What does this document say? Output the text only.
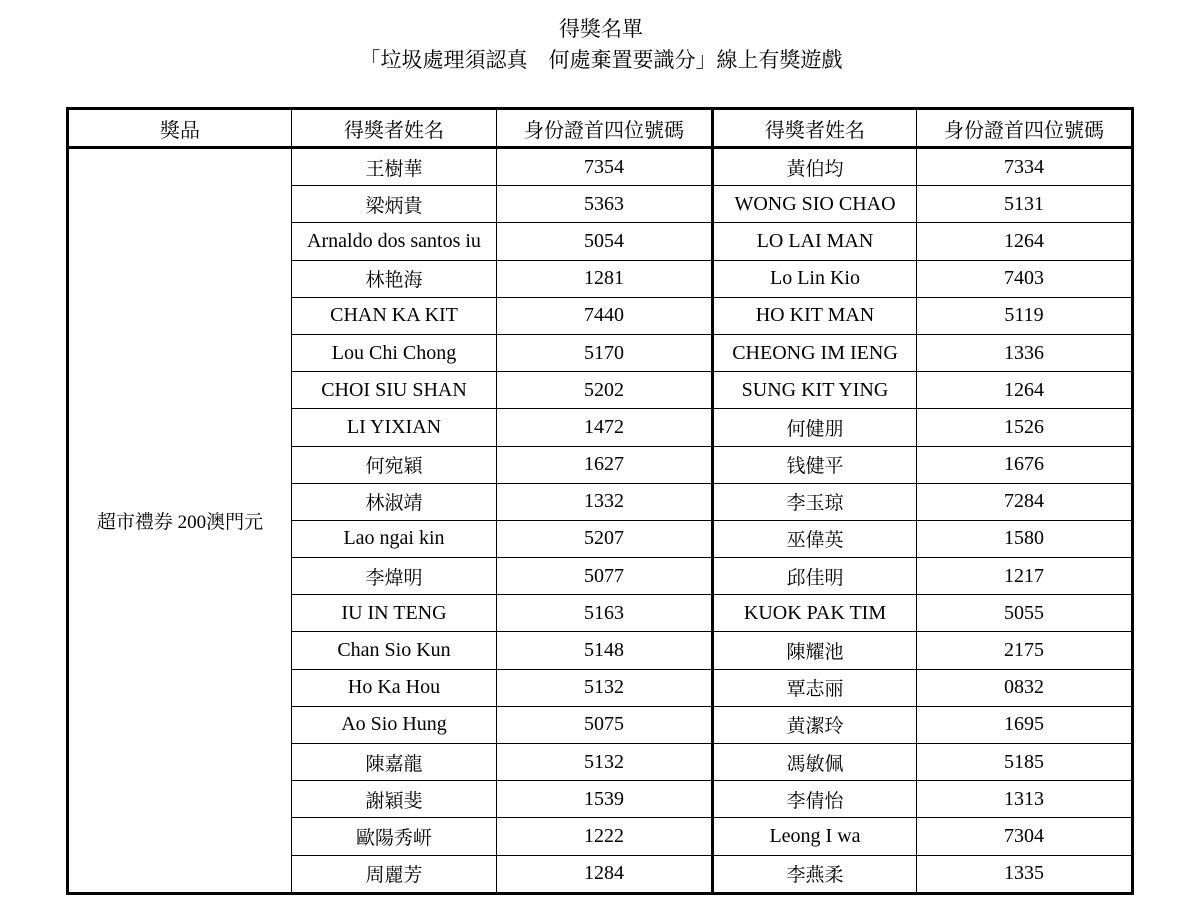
得獎名單
「垃圾處理須認真　何處棄置要識分」線上有獎遊戲
獎品	得獎者姓名	身份證首四位號碼	得獎者姓名	身份證首四位號碼
超市禮券 200澳門元	王樹華	7354	黃伯均	7334
	梁炳貴	5363	WONG SIO CHAO	5131
	Arnaldo dos santos iu	5054	LO LAI MAN	1264
	林艳海	1281	Lo Lin Kio	7403
	CHAN KA KIT	7440	HO KIT MAN	5119
	Lou Chi Chong	5170	CHEONG IM IENG	1336
	CHOI SIU SHAN	5202	SUNG KIT YING	1264
	LI YIXIAN	1472	何健朋	1526
	何宛穎	1627	钱健平	1676
	林淑靖	1332	李玉琼	7284
	Lao ngai kin	5207	巫偉英	1580
	李煒明	5077	邱佳明	1217
	IU IN TENG	5163	KUOK PAK TIM	5055
	Chan Sio Kun	5148	陳耀池	2175
	Ho Ka Hou	5132	覃志丽	0832
	Ao Sio Hung	5075	黄潔玲	1695
	陳嘉龍	5132	馮敏佩	5185
	謝穎斐	1539	李倩怡	1313
	歐陽秀岍	1222	Leong I wa	7304
	周麗芳	1284	李燕柔	1335
